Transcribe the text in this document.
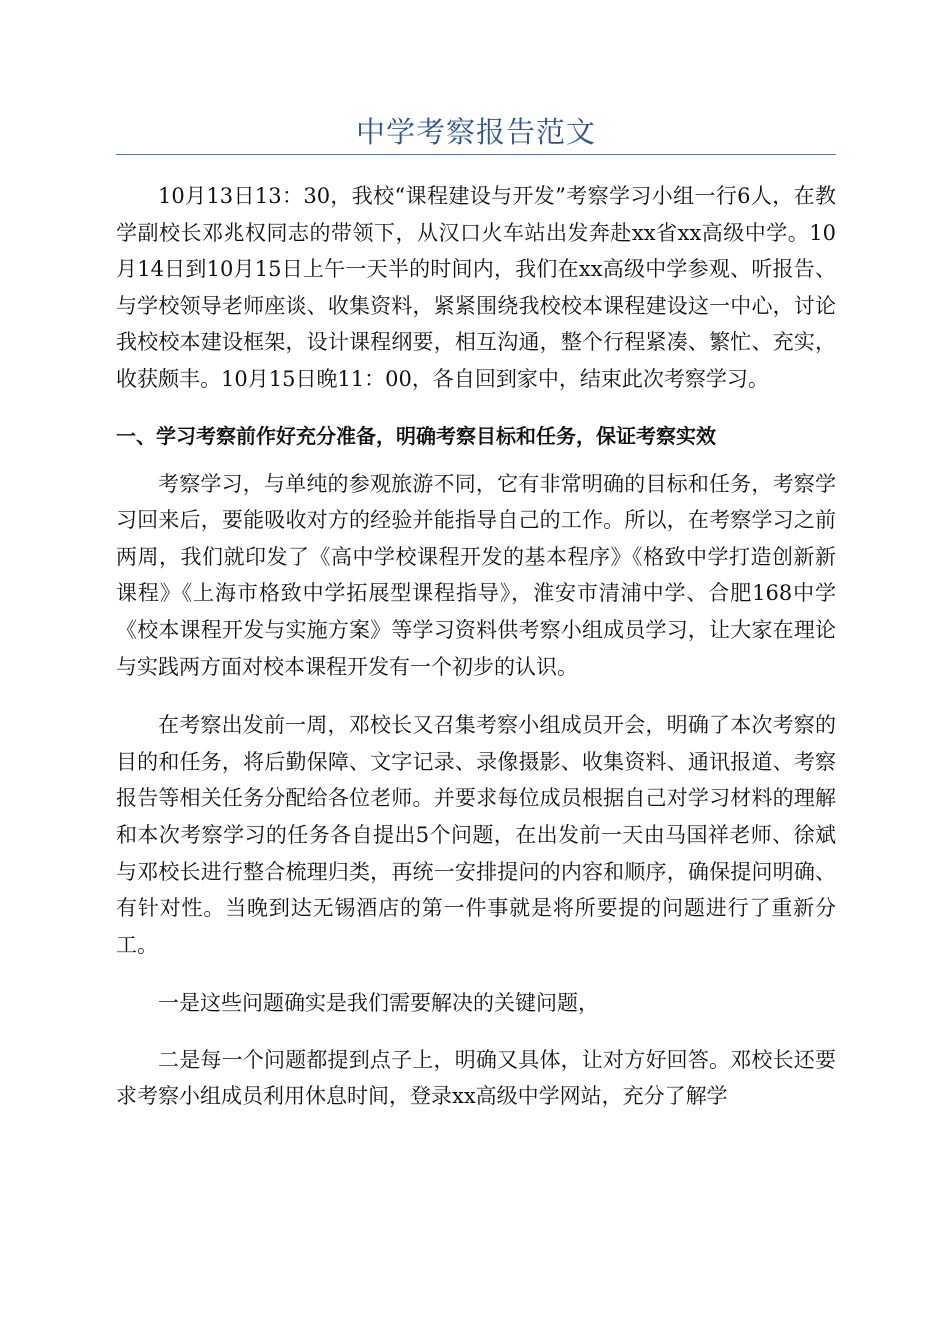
中学考察报告范文

10月13日13：30，我校“课程建设与开发”考察学习小组一行6人，在教学副校长邓兆权同志的带领下，从汉口火车站出发奔赴xx省xx高级中学。10月14日到10月15日上午一天半的时间内，我们在xx高级中学参观、听报告、与学校领导老师座谈、收集资料，紧紧围绕我校校本课程建设这一中心，讨论我校校本建设框架，设计课程纲要，相互沟通，整个行程紧凑、繁忙、充实，收获颇丰。10月15日晚11：00，各自回到家中，结束此次考察学习。

一、学习考察前作好充分准备，明确考察目标和任务，保证考察实效

考察学习，与单纯的参观旅游不同，它有非常明确的目标和任务，考察学习回来后，要能吸收对方的经验并能指导自己的工作。所以，在考察学习之前两周，我们就印发了《高中学校课程开发的基本程序》《格致中学打造创新新课程》《上海市格致中学拓展型课程指导》，淮安市清浦中学、合肥168中学《校本课程开发与实施方案》等学习资料供考察小组成员学习，让大家在理论与实践两方面对校本课程开发有一个初步的认识。

在考察出发前一周，邓校长又召集考察小组成员开会，明确了本次考察的目的和任务，将后勤保障、文字记录、录像摄影、收集资料、通讯报道、考察报告等相关任务分配给各位老师。并要求每位成员根据自己对学习材料的理解和本次考察学习的任务各自提出5个问题，在出发前一天由马国祥老师、徐斌与邓校长进行整合梳理归类，再统一安排提问的内容和顺序，确保提问明确、有针对性。当晚到达无锡酒店的第一件事就是将所要提的问题进行了重新分工。

一是这些问题确实是我们需要解决的关键问题，

二是每一个问题都提到点子上，明确又具体，让对方好回答。邓校长还要求考察小组成员利用休息时间，登录xx高级中学网站，充分了解学
